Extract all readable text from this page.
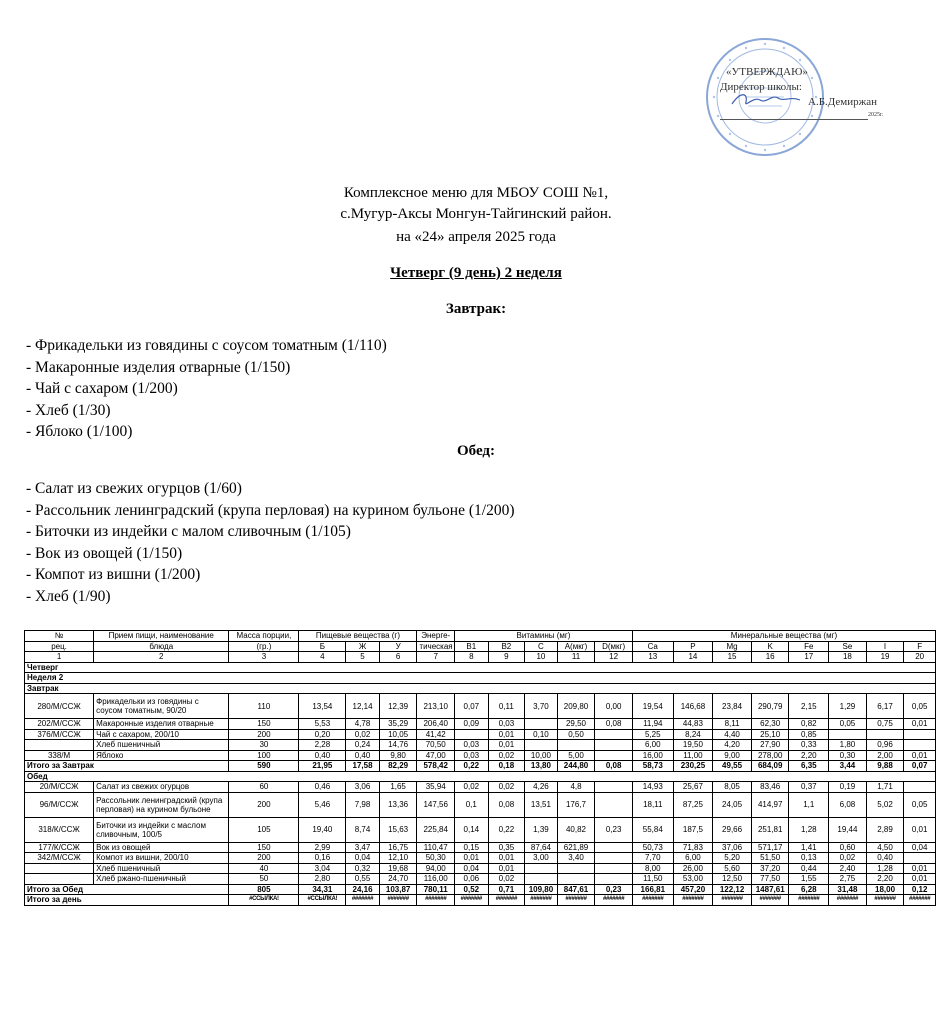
«УТВЕРЖДАЮ»
Директор школы:
А.Б.Демиржан
2025г.
Комплексное меню для МБОУ СОШ №1,
с.Мугур-Аксы Монгун-Тайгинский район.
на «24» апреля 2025 года
Четверг (9 день) 2 неделя
Завтрак:
- Фрикадельки из говядины с соусом томатным (1/110)
- Макаронные изделия отварные (1/150)
- Чай с сахаром (1/200)
- Хлеб (1/30)
- Яблоко (1/100)
Обед:
- Салат из свежих огурцов (1/60)
- Рассольник ленинградский (крупа перловая) на курином бульоне (1/200)
- Биточки из индейки с малом сливочным (1/105)
- Вок из овощей (1/150)
- Компот из вишни (1/200)
- Хлеб (1/90)
№	Прием пищи, наименование	Масса порции,	Пищевые вещества (г)			Энерге-	Витамины (мг)					Минеральные вещества (мг)							
рец.	блюда	(гр.)	Б	Ж	У	тическая	В1	В2	С	А(мкг)	D(мкг)	Ca	P	Mg	K	Fe	Se	I	F
1	2	3	4	5	6	7	8	9	10	11	12	13	14	15	16	17	18	19	20
Четверг																			
Неделя 2																			
Завтрак																			
280/М/ССЖ	Фрикадельки из говядины с соусом томатным, 90/20	110	13,54	12,14	12,39	213,10	0,07	0,11	3,70	209,80	0,00	19,54	146,68	23,84	290,79	2,15	1,29	6,17	0,05
202/М/ССЖ	Макаронные изделия отварные	150	5,53	4,78	35,29	206,40	0,09	0,03		29,50	0,08	11,94	44,83	8,11	62,30	0,82	0,05	0,75	0,01
376/М/ССЖ	Чай с сахаром, 200/10	200	0,20	0,02	10,05	41,42		0,01	0,10	0,50		5,25	8,24	4,40	25,10	0,85			
	Хлеб пшеничный	30	2,28	0,24	14,76	70,50	0,03	0,01				6,00	19,50	4,20	27,90	0,33	1,80	0,96	
338/М	Яблоко	100	0,40	0,40	9,80	47,00	0,03	0,02	10,00	5,00		16,00	11,00	9,00	278,00	2,20	0,30	2,00	0,01
Итого за Завтрак		590	21,95	17,58	82,29	578,42	0,22	0,18	13,80	244,80	0,08	58,73	230,25	49,55	684,09	6,35	3,44	9,88	0,07
Обед																			
20/М/ССЖ	Салат из свежих огурцов	60	0,46	3,06	1,65	35,94	0,02	0,02	4,26	4,8		14,93	25,67	8,05	83,46	0,37	0,19	1,71	
96/М/ССЖ	Рассольник ленинградский (крупа перловая) на курином бульоне	200	5,46	7,98	13,36	147,56	0,1	0,08	13,51	176,7		18,11	87,25	24,05	414,97	1,1	6,08	5,02	0,05
318/К/ССЖ	Биточки из индейки с маслом сливочным, 100/5	105	19,40	8,74	15,63	225,84	0,14	0,22	1,39	40,82	0,23	55,84	187,5	29,66	251,81	1,28	19,44	2,89	0,01
177/К/ССЖ	Вок из овощей	150	2,99	3,47	16,75	110,47	0,15	0,35	87,64	621,89		50,73	71,83	37,06	571,17	1,41	0,60	4,50	0,04
342/М/ССЖ	Компот из вишни, 200/10	200	0,16	0,04	12,10	50,30	0,01	0,01	3,00	3,40		7,70	6,00	5,20	51,50	0,13	0,02	0,40	
	Хлеб пшеничный	40	3,04	0,32	19,68	94,00	0,04	0,01				8,00	26,00	5,60	37,20	0,44	2,40	1,28	0,01
	Хлеб ржано-пшеничный	50	2,80	0,55	24,70	116,00	0,06	0,02				11,50	53,00	12,50	77,50	1,55	2,75	2,20	0,01
Итого за Обед		805	34,31	24,16	103,87	780,11	0,52	0,71	109,80	847,61	0,23	166,81	457,20	122,12	1487,61	6,28	31,48	18,00	0,12
Итого за день		#ССЫЛКА!	#ССЫЛКА!	#######	#######	#######	#######	#######	#######	#######	#######	#######	#######	#######	#######	#######	#######	#######	#######
